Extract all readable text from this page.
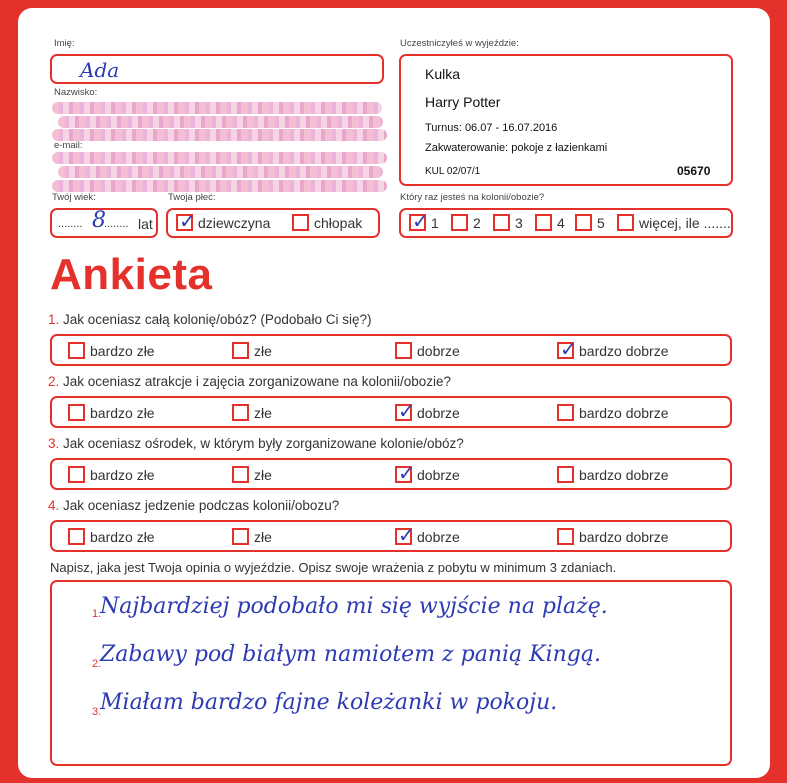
Imię:
Ada
Nazwisko:
e-mail:
Uczestniczyłeś w wyjeździe:
Kulka
Harry Potter
Turnus: 06.07 - 16.07.2016
Zakwaterowanie: pokoje z łazienkami
KUL 02/07/1	05670
Twój wiek:
........ 8
........ lat
Twoja płeć:
✓
dziewczyna	chłopak
Który raz jesteś na kolonii/obozie?
✓
1 2 3 4 5 więcej, ile .......
Ankieta
1. Jak oceniasz całą kolonię/obóz? (Podobało Ci się?)
bardzo złe	złe	dobrze ✓	bardzo dobrze
2. Jak oceniasz atrakcje i zajęcia zorganizowane na kolonii/obozie?
bardzo złe	złe ✓	dobrze	bardzo dobrze
3. Jak oceniasz ośrodek, w którym były zorganizowane kolonie/obóz?
bardzo złe	złe ✓	dobrze	bardzo dobrze
4. Jak oceniasz jedzenie podczas kolonii/obozu?
bardzo złe	złe ✓	dobrze	bardzo dobrze
Napisz, jaka jest Twoja opinia o wyjeździe. Opisz swoje wrażenia z pobytu w minimum 3 zdaniach.
1.
Najbardziej podobało mi się wyjście na plażę.
2.
Zabawy pod białym namiotem z panią Kingą.
3.
Miałam bardzo fajne koleżanki w pokoju.
